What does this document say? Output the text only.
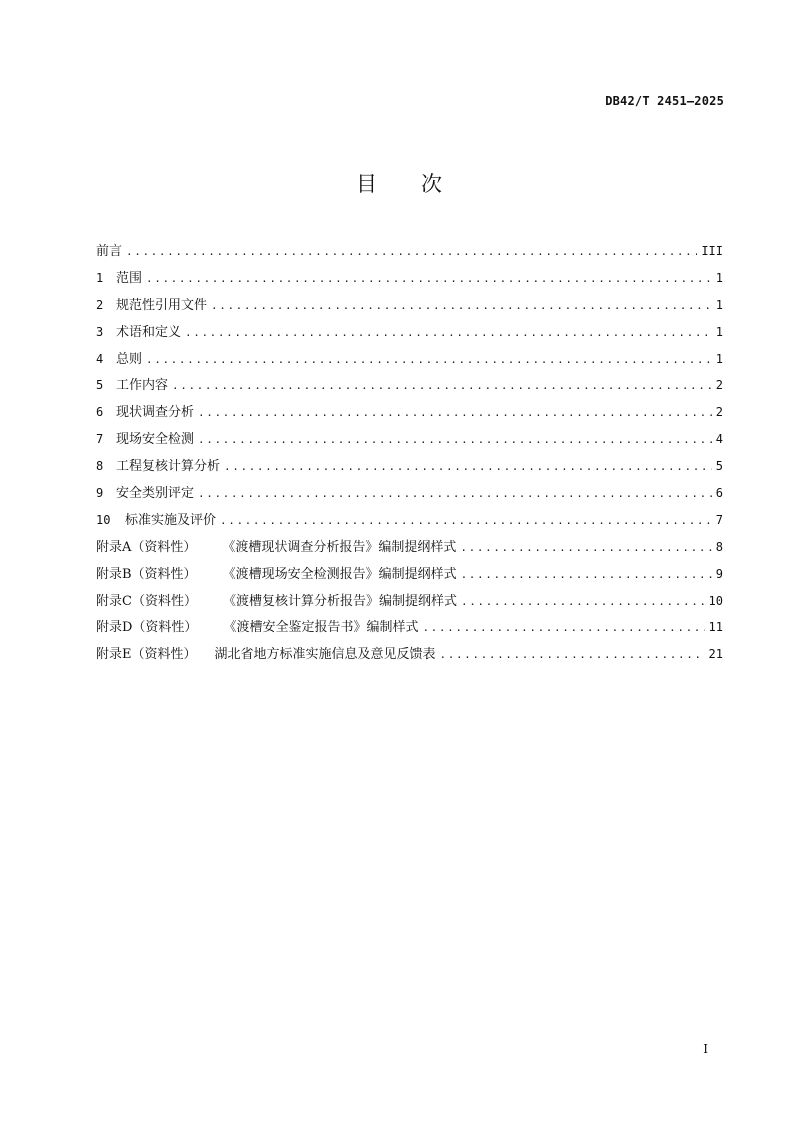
DB42/T 2451—2025
目 次
前言 .....	III
1 范围 .....	1
2 规范性引用文件 .....	1
3 术语和定义 .....	1
4 总则 .....	1
5 工作内容 .....	2
6 现状调查分析 .....	2
7 现场安全检测 .....	4
8 工程复核计算分析 .....	5
9 安全类别评定 .....	6
10	标准实施及评价 .....	7
附录A（资料性） 《渡槽现状调查分析报告》编制提纲样式 .....	8
附录B（资料性） 《渡槽现场安全检测报告》编制提纲样式 .....	9
附录C（资料性） 《渡槽复核计算分析报告》编制提纲样式 .....	10
附录D（资料性） 《渡槽安全鉴定报告书》编制样式 .....	11
附录E（资料性） 湖北省地方标准实施信息及意见反馈表 .....	21
I
